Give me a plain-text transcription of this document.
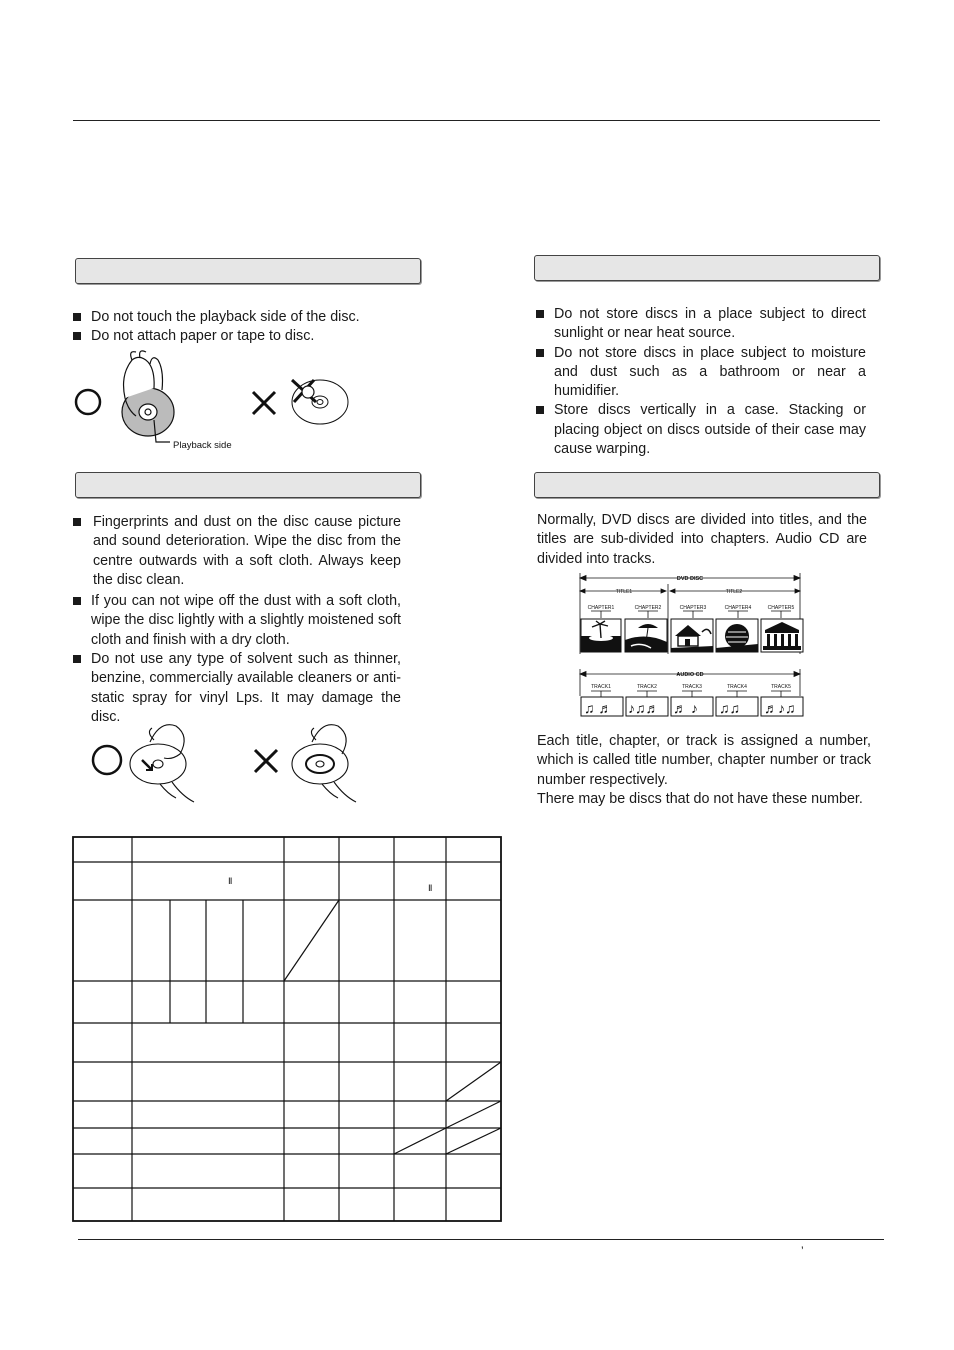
Do not touch the playback side of the disc.
Do not attach paper or tape to disc.
Playback side
Fingerprints and dust on the disc cause picture and sound deterioration. Wipe the disc from the centre outwards with a soft cloth. Always keep the disc clean.
If you can not wipe off the dust with a soft cloth, wipe the disc lightly with a slightly moistened soft cloth and finish with a dry cloth.
Do not use any type of solvent such as thinner, benzine, commercially available cleaners or anti-static spray for vinyl Lps. It may damage the disc.
Ⅱ
Ⅱ
Do not store discs in a place subject to direct sunlight or near heat source.
Do not store discs in place subject to moisture and dust such as a bathroom or near a humidifier.
Store discs vertically in a case. Stacking or placing object on discs outside of their case may cause warping.

Normally, DVD discs are divided into titles, and the titles are sub-divided into chapters. Audio CD are divided into tracks.

DVD DISC
TITLE1	TITLE2
CHAPTER1	CHAPTER2	CHAPTER3	CHAPTER4	CHAPTER5
AUDIO CD
TRACK1	TRACK2	TRACK3	TRACK4	TRACK5
♫ ♬ ♪♫♬ ♬ ♪ ♫♫ ♬♪♫

Each title, chapter, or track is assigned a number, which is called title number, chapter number or track number respectively.

There may be discs that do not have these number.

’
